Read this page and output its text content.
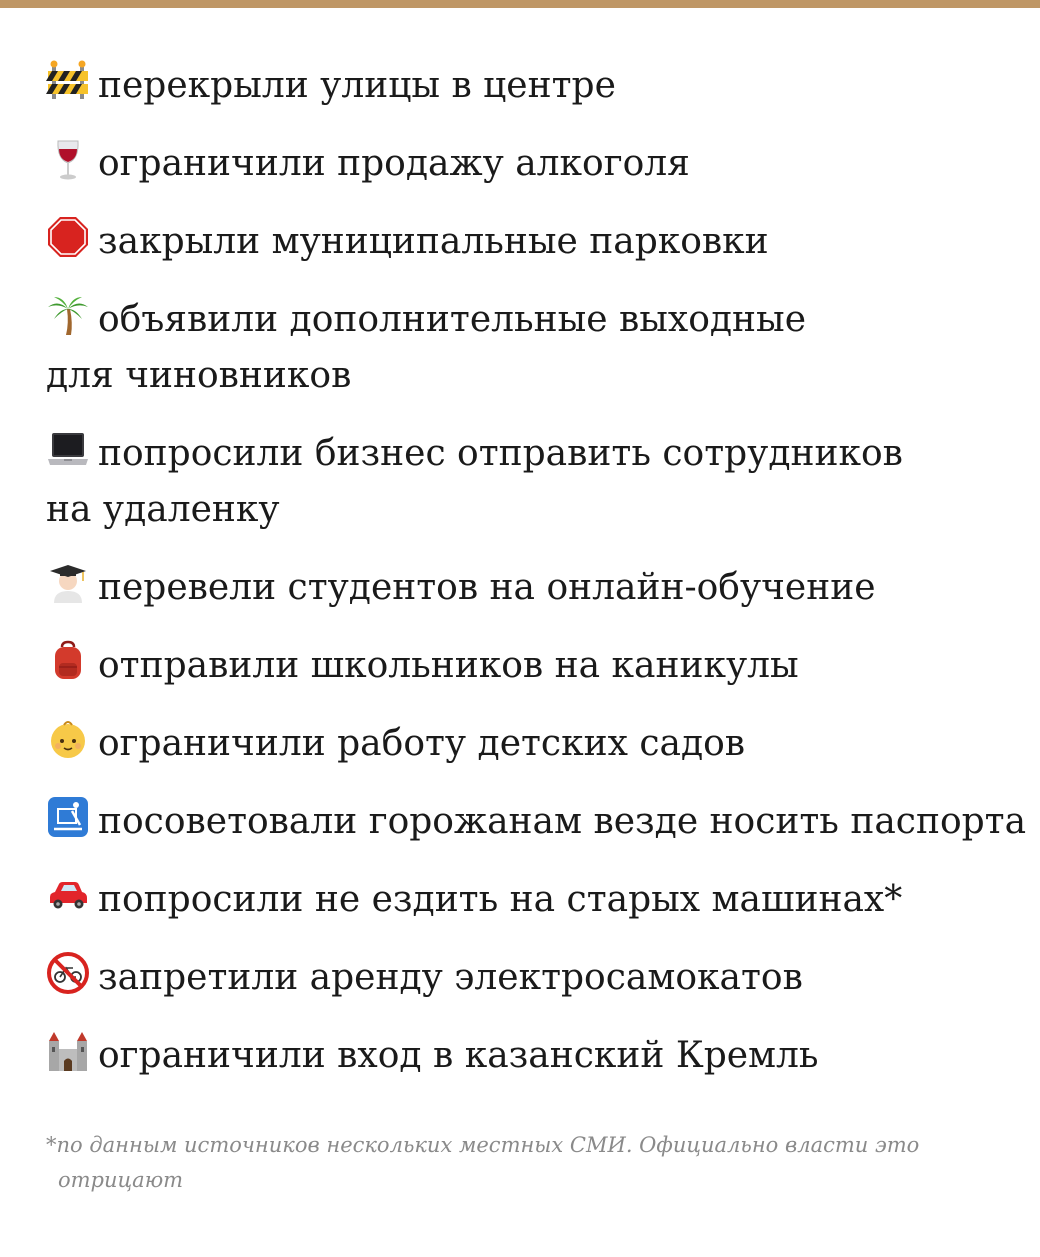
перекрыли улицы в центре
ограничили продажу алкоголя
закрыли муниципальные парковки
объявили дополнительные выходные
для чиновников
попросили бизнес отправить сотрудников
на удаленку
перевели студентов на онлайн-обучение
отправили школьников на каникулы
ограничили работу детских садов
посоветовали горожанам везде носить паспорта
попросили не ездить на старых машинах*
запретили аренду электросамокатов
ограничили вход в казанский Кремль
*по данным источников нескольких местных СМИ. Официально власти это
отрицают
